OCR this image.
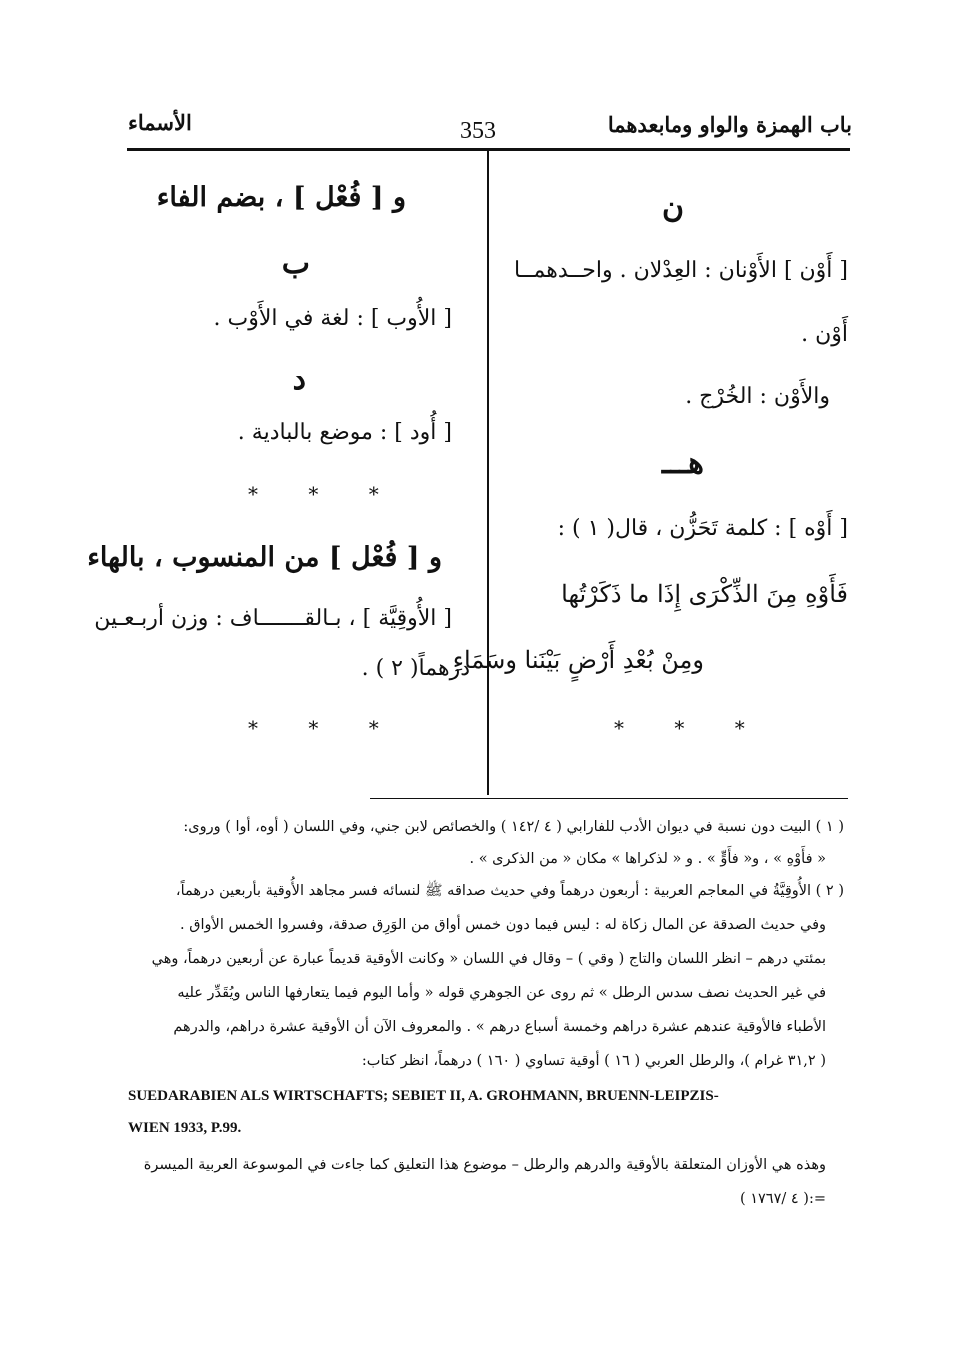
باب الهمزة والواو ومابعدهما
353
الأسماء
ن
[ أَوْن ] الأَوْنان : العِدْلان . واحــدهمــا
أَوْن .
والأَوْن : الخُرْج .
هـــ
[ أَوْه ] : كلمة تَحَزُّن ، قال( ١ ) :
فَأَوْهِ مِنَ الذِّكْرَى إِذَا ما ذَكَرْتُها
ومِنْ بُعْدِ أَرْضٍ بَيْنَنا وسَمَاءِ
* * *
و [ فُعْل ] ، بضم الفاء
ب
[ الأُوب ] : لغة في الأَوْب .
د
[ أُود ] : موضع بالبادية .
* * *
و [ فُعْل ] من المنسوب ، بالهاء
[ الأُوقِيَّة ] ، بـالقـــــــاف : وزن أربـعـين
درهماً( ٢ ) .
* * *
( ١ ) البيت دون نسبة في ديوان الأدب للفارابي ( ٤ /١٤٢ ) والخصائص لابن جني، وفي اللسان ( أوه، أوا ) وروى:
« فأَوْهِ » ، و« فأَوٍّ » . و « لذكراها » مكان « من الذكرى » .
( ٢ ) الأُوقِيَّةُ في المعاجم العربية : أربعون درهماً وفي حديث صداقه ﷺ لنسائه فسر مجاهد الأُوقية بأربعين درهماً،
وفي حديث الصدقة عن المال زكاة له : ليس فيما دون خمس أواق من الوَرِق صدقة، وفسروا الخمس الأواق .
بمئتي درهم – انظر اللسان والتاج ( وقي ) – وقال في اللسان « وكانت الأوقية قديماً عبارة عن أربعين درهماً، وهي
في غير الحديث نصف سدس الرطل » ثم روى عن الجوهري قوله « وأما اليوم فيما يتعارفها الناس ويُقَدِّر عليه
الأطباء فالأوقية عندهم عشرة دراهم وخمسة أسباع درهم » . والمعروف الآن أن الأوقية عشرة دراهم، والدرهم
( ٣١,٢ غرام )، والرطل العربي ( ١٦ ) أوقية تساوي ( ١٦٠ ) درهماً، انظر كتاب:
SUEDARABIEN ALS WIRTSCHAFTS; SEBIET II, A. GROHMANN, BRUENN-LEIPZIS-
WIEN 1933, P.99.
وهذه هي الأوزان المتعلقة بالأوقية والدرهم والرطل – موضوع هذا التعليق كما جاءت في الموسوعة العربية الميسرة
( ٤ /١٧٦٧ ):=
